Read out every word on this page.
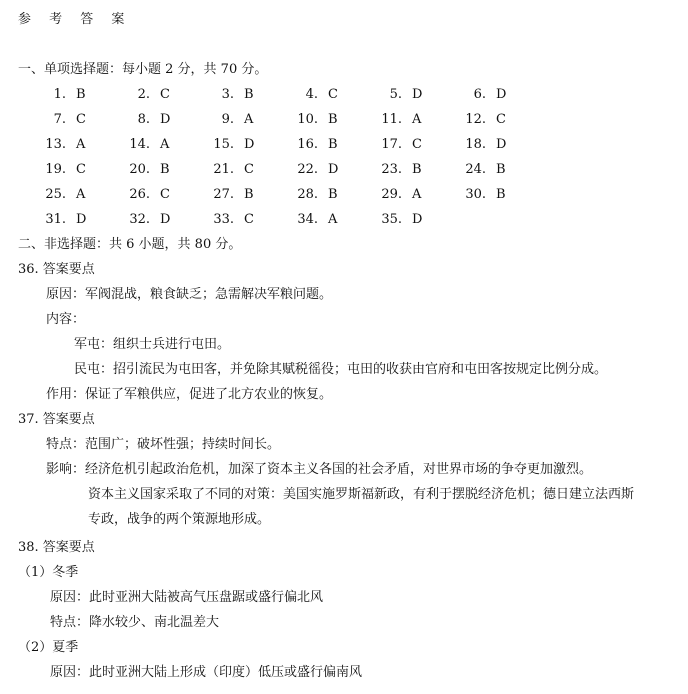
参 考 答 案
一、单项选择题：每小题 2 分，共 70 分。
1. B	2. C	3. B	4. C	5. D	6. D
7. C	8. D	9. A	10. B	11. A	12. C
13. A	14. A	15. D	16. B	17. C	18. D
19. C	20. B	21. C	22. D	23. B	24. B
25. A	26. C	27. B	28. B	29. A	30. B
31. D	32. D	33. C	34. A	35. D
二、非选择题：共 6 小题，共 80 分。
36. 答案要点
原因：军阀混战，粮食缺乏；急需解决军粮问题。
内容：
军屯：组织士兵进行屯田。
民屯：招引流民为屯田客，并免除其赋税徭役；屯田的收获由官府和屯田客按规定比例分成。
作用：保证了军粮供应，促进了北方农业的恢复。
37. 答案要点
特点：范围广；破坏性强；持续时间长。
影响：经济危机引起政治危机，加深了资本主义各国的社会矛盾，对世界市场的争夺更加激烈。
资本主义国家采取了不同的对策：美国实施罗斯福新政，有利于摆脱经济危机；德日建立法西斯
专政，战争的两个策源地形成。
38. 答案要点
（1）冬季
原因：此时亚洲大陆被高气压盘踞或盛行偏北风
特点：降水较少、南北温差大
（2）夏季
原因：此时亚洲大陆上形成（印度）低压或盛行偏南风
